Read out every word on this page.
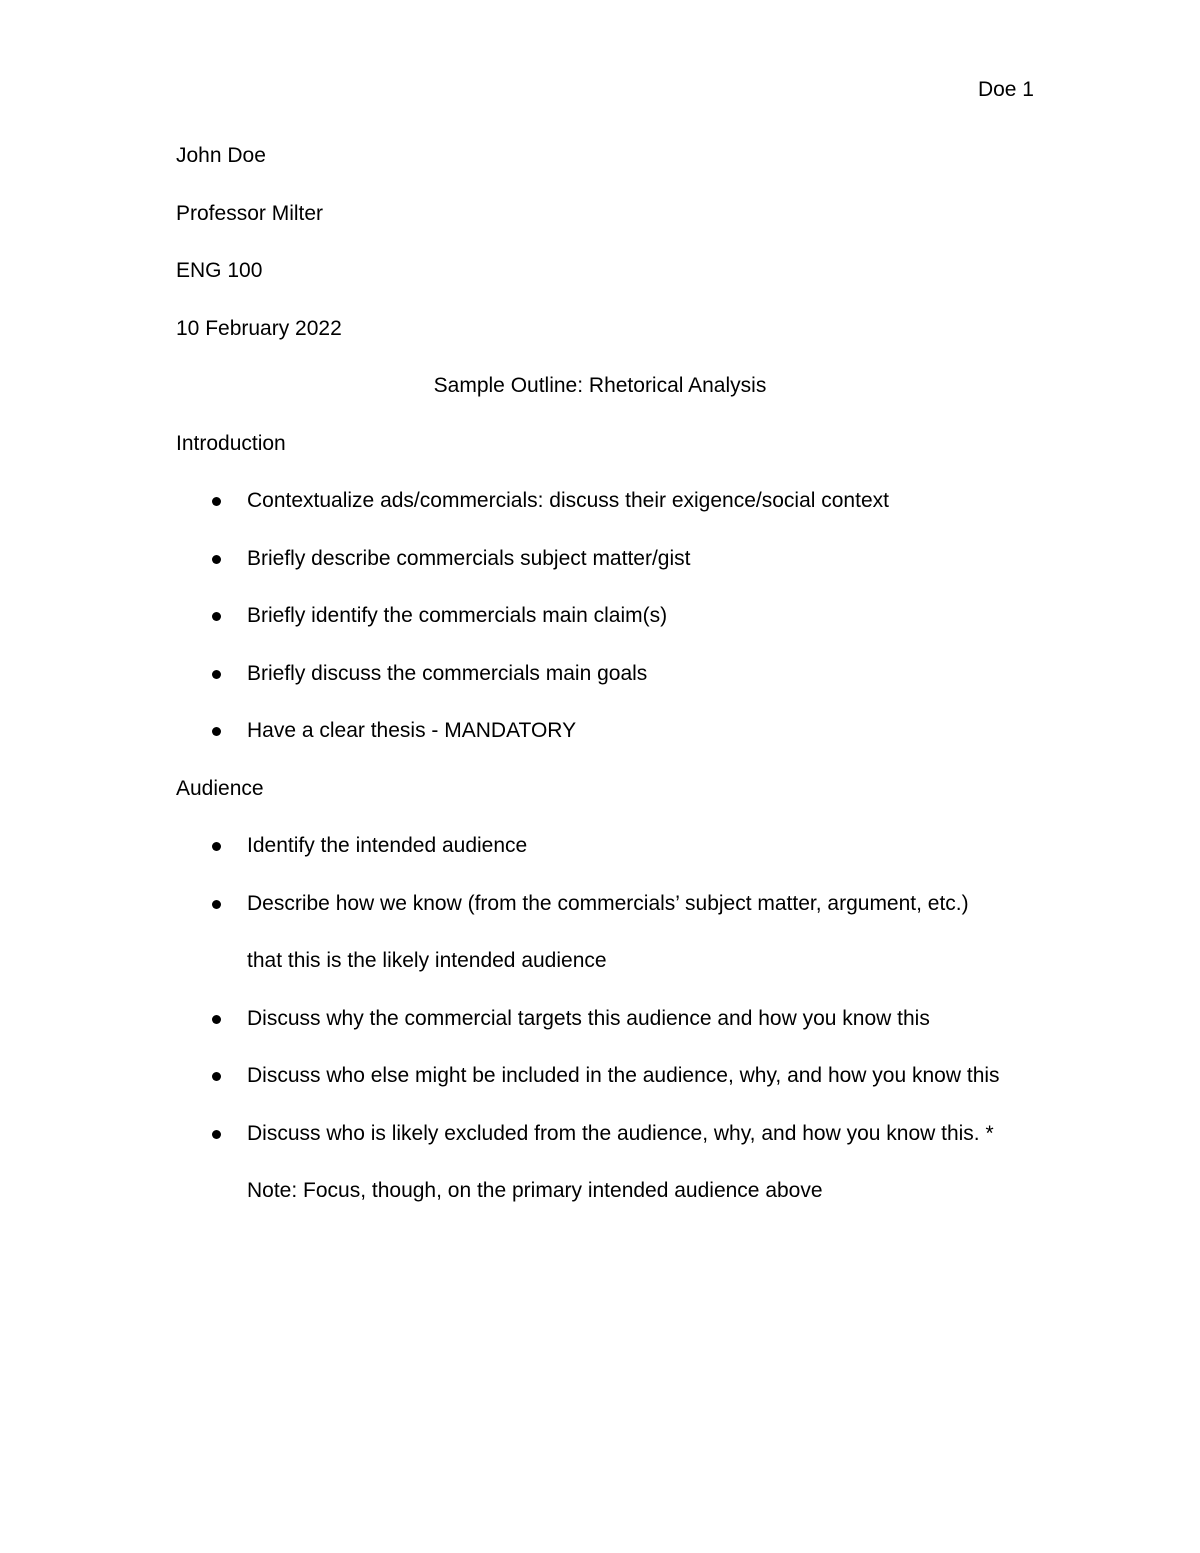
Doe 1
John Doe
Professor Milter
ENG 100
10 February 2022
Sample Outline: Rhetorical Analysis
Introduction
Contextualize ads/commercials: discuss their exigence/social context
Briefly describe commercials subject matter/gist
Briefly identify the commercials main claim(s)
Briefly discuss the commercials main goals
Have a clear thesis - MANDATORY
Audience
Identify the intended audience
Describe how we know (from the commercials’ subject matter, argument, etc.)
that this is the likely intended audience
Discuss why the commercial targets this audience and how you know this
Discuss who else might be included in the audience, why, and how you know this
Discuss who is likely excluded from the audience, why, and how you know this. *
Note: Focus, though, on the primary intended audience above
